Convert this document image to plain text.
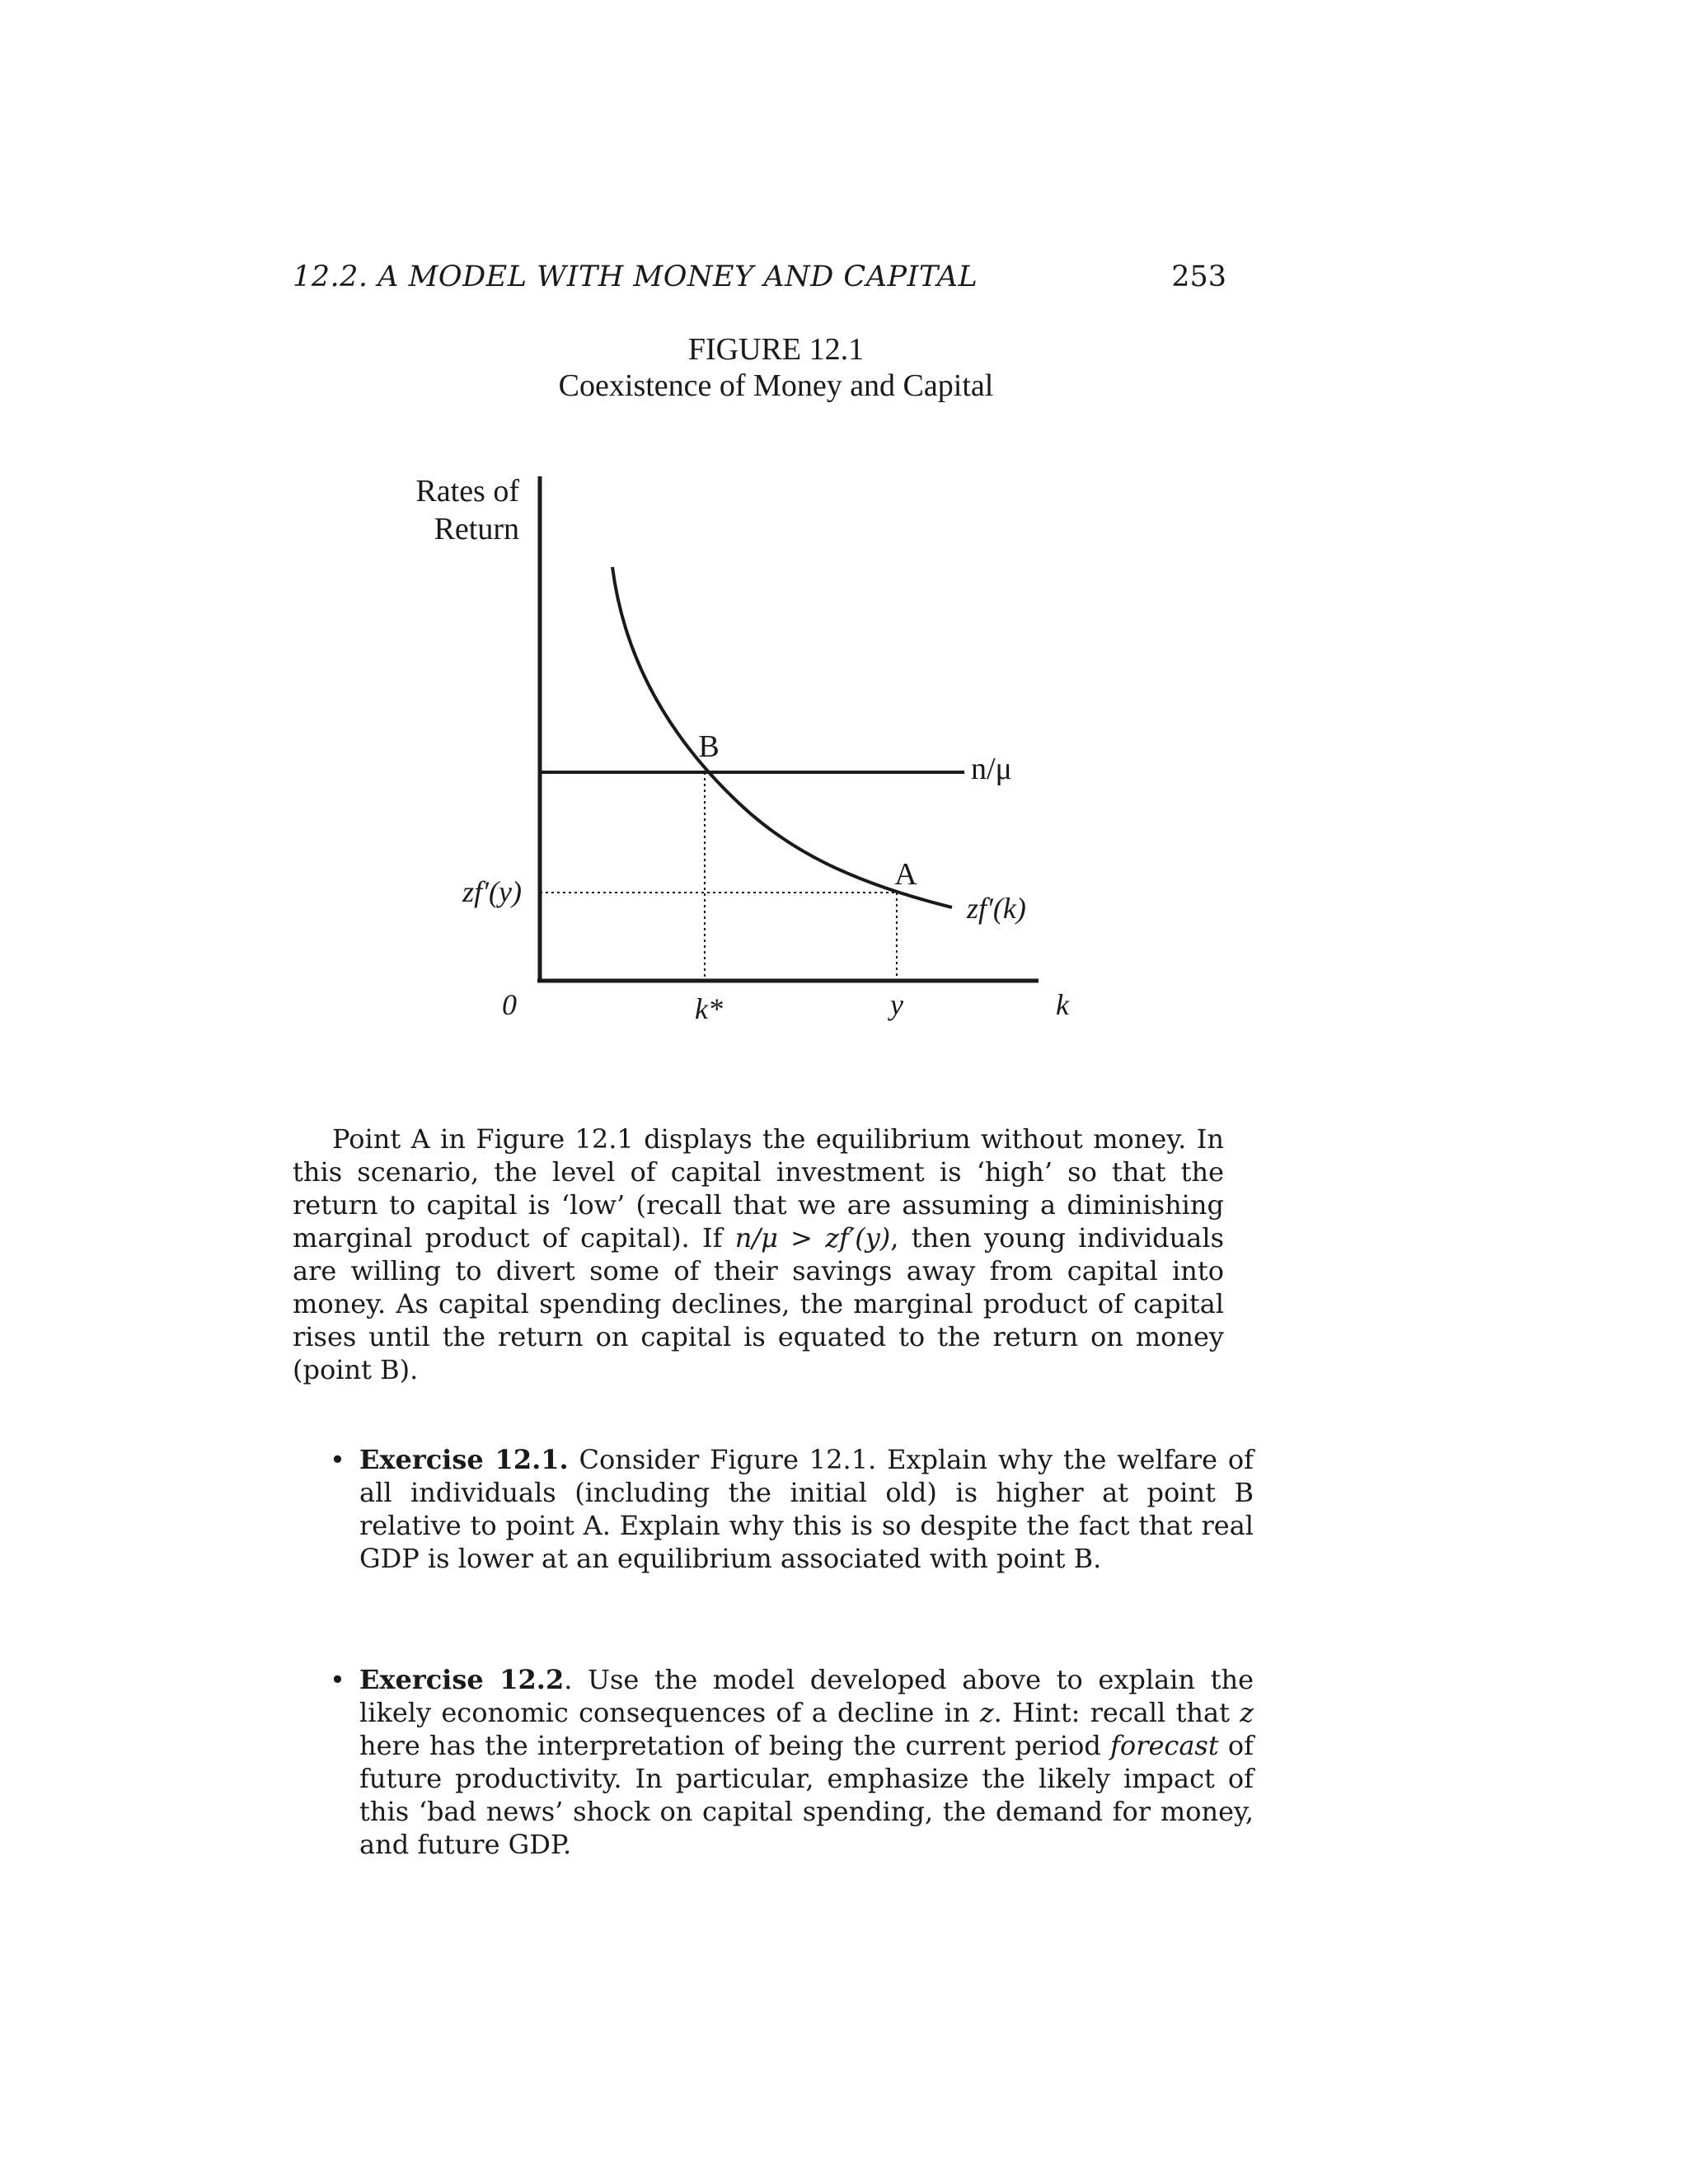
12.2. A MODEL WITH MONEY AND CAPITAL	253
FIGURE 12.1
Coexistence of Money and Capital
Rates of
Return
B
A
n/μ
zf′(k)
zf′(y)
0	k*	y	k

Point A in Figure 12.1 displays the equilibrium without money. In this scenario, the level of capital investment is ‘high’ so that the return to capital is ‘low’ (recall that we are assuming a diminishing marginal product of capital). If n/μ > zf′(y), then young individuals are willing to divert some of their savings away from capital into money. As capital spending declines, the marginal product of capital rises until the return on capital is equated to the return on money (point B).

• Exercise 12.1. Consider Figure 12.1. Explain why the welfare of all individuals (including the initial old) is higher at point B relative to point A. Explain why this is so despite the fact that real GDP is lower at an equilibrium associated with point B.

• Exercise 12.2. Use the model developed above to explain the likely economic consequences of a decline in z. Hint: recall that z here has the interpretation of being the current period forecast of future productivity. In particular, emphasize the likely impact of this ‘bad news’ shock on capital spending, the demand for money, and future GDP.
